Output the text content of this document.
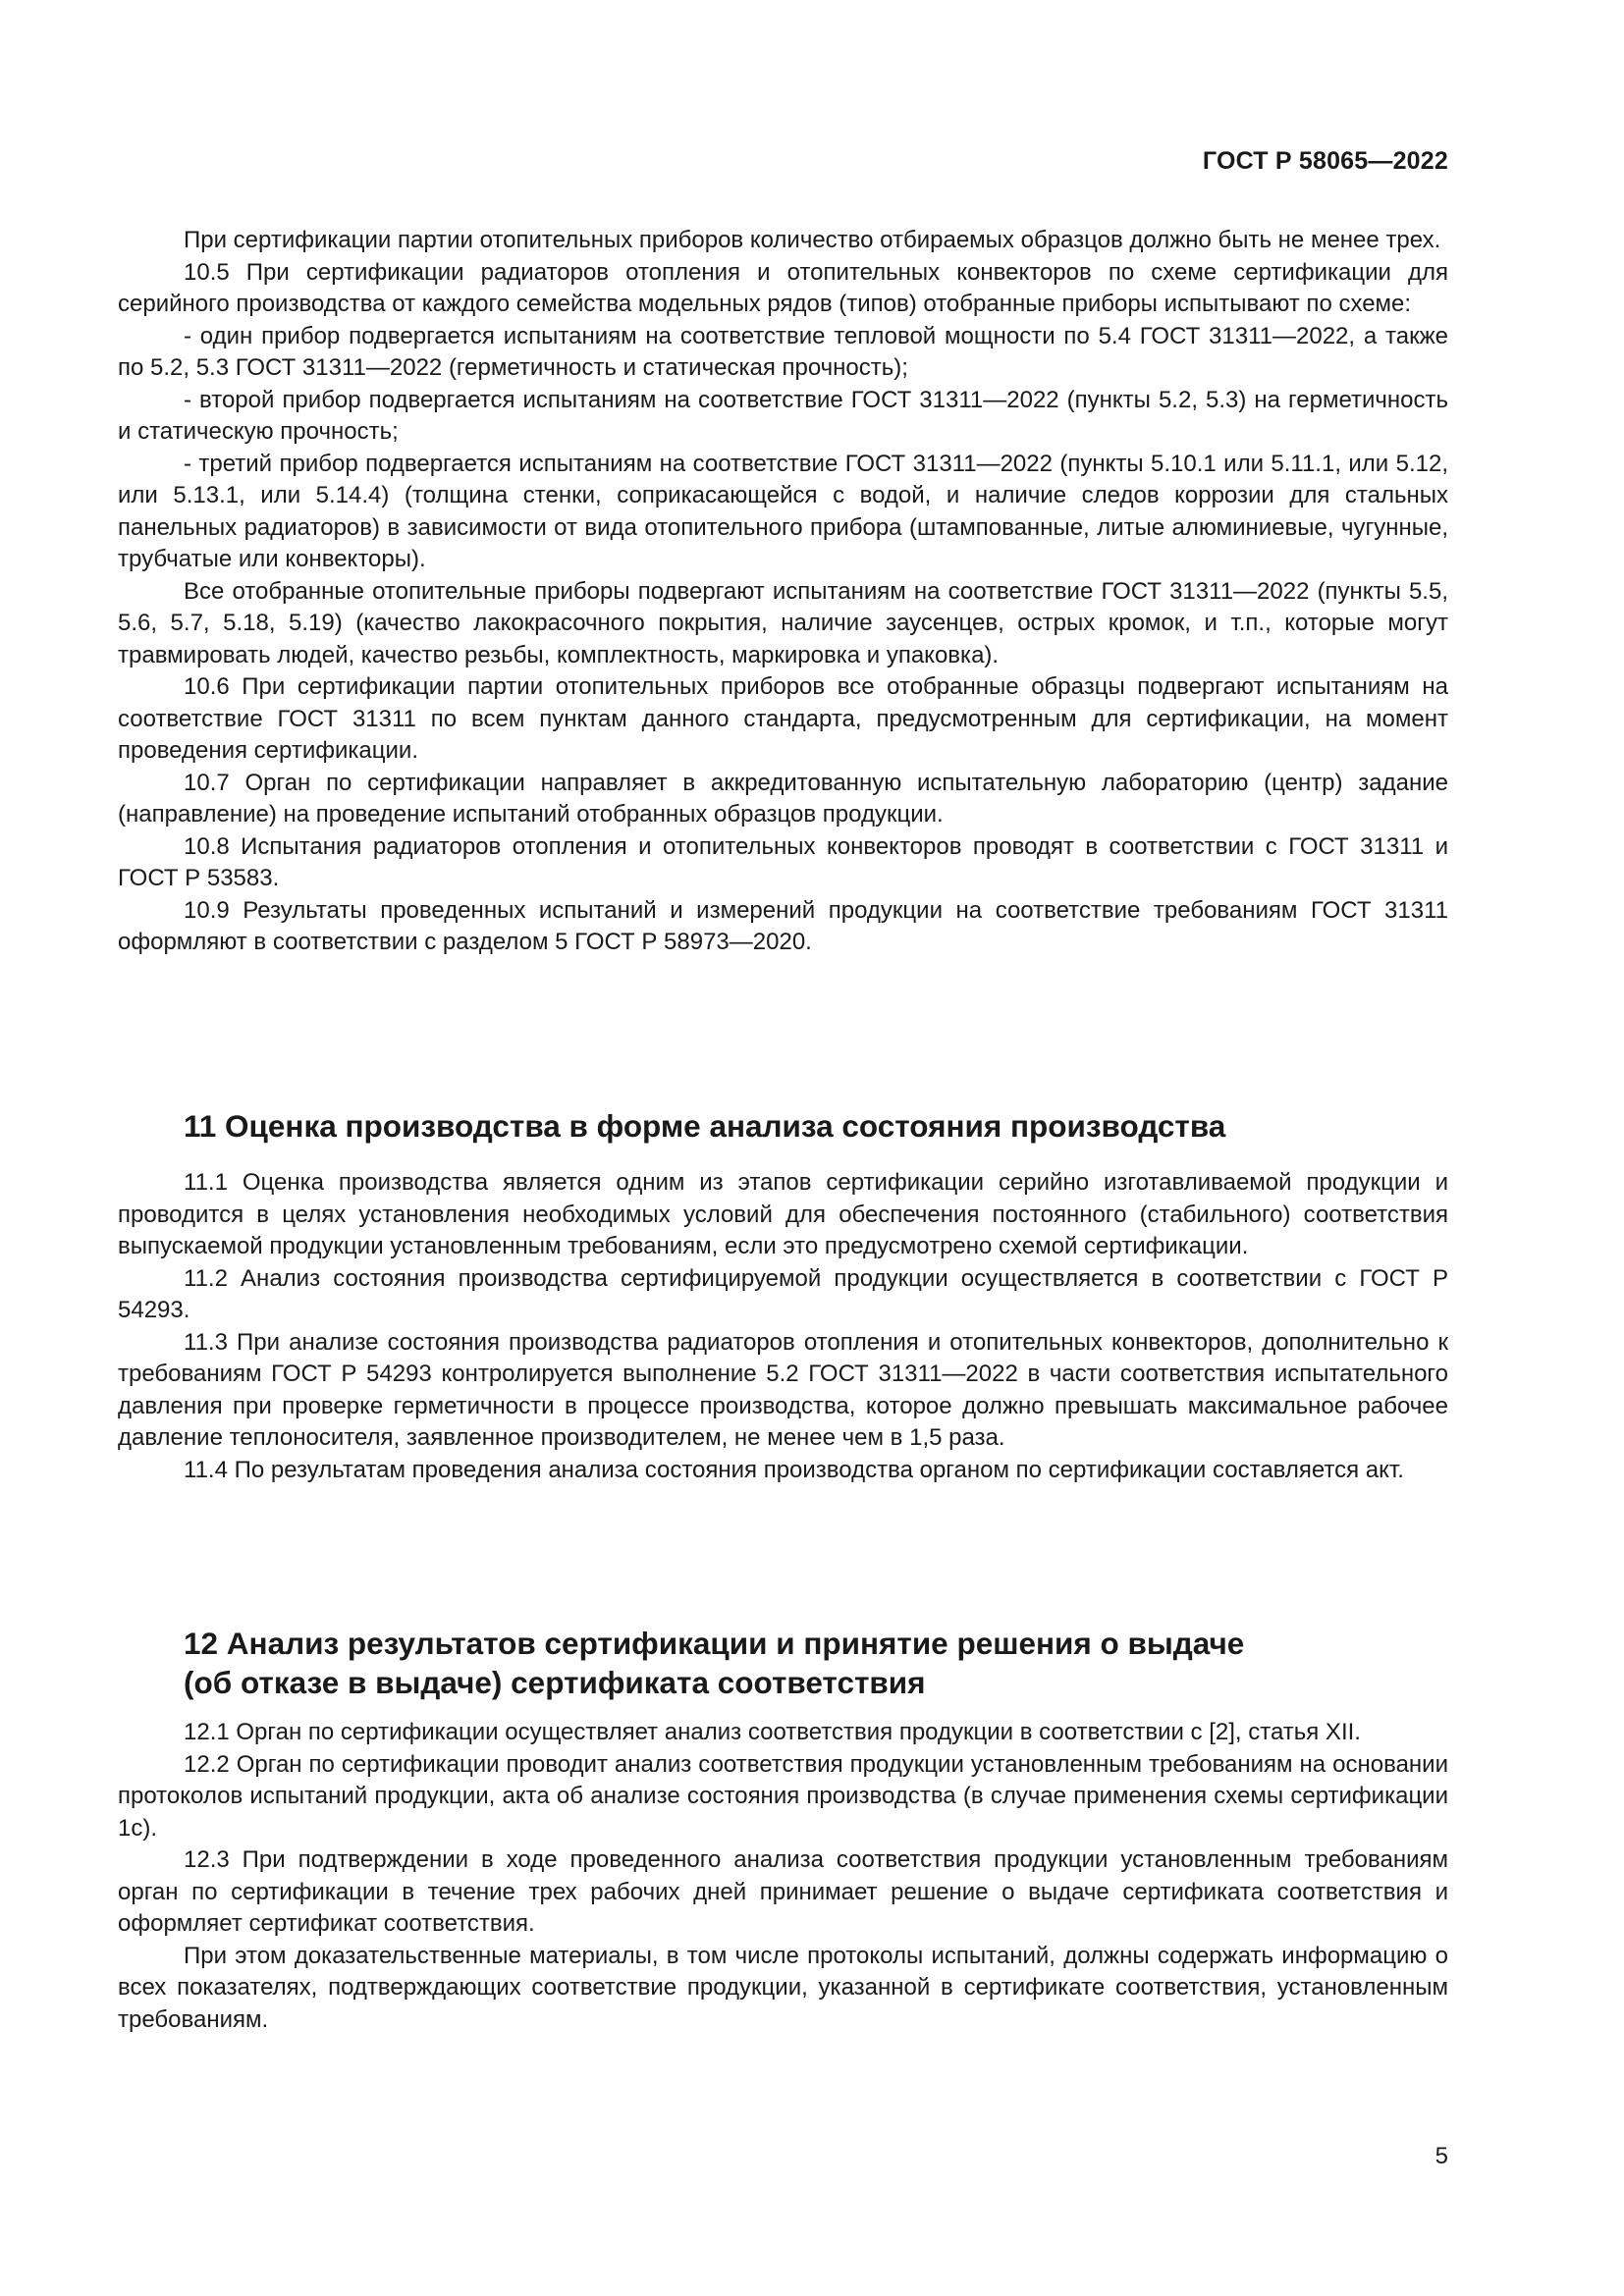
ГОСТ Р 58065—2022

При сертификации партии отопительных приборов количество отбираемых образцов должно быть не менее трех.

10.5 При сертификации радиаторов отопления и отопительных конвекторов по схеме сертификации для серийного производства от каждого семейства модельных рядов (типов) отобранные приборы испытывают по схеме:

- один прибор подвергается испытаниям на соответствие тепловой мощности по 5.4 ГОСТ 31311—2022, а также по 5.2, 5.3 ГОСТ 31311—2022 (герметичность и статическая прочность);

- второй прибор подвергается испытаниям на соответствие ГОСТ 31311—2022 (пункты 5.2, 5.3) на герметичность и статическую прочность;

- третий прибор подвергается испытаниям на соответствие ГОСТ 31311—2022 (пункты 5.10.1 или 5.11.1, или 5.12, или 5.13.1, или 5.14.4) (толщина стенки, соприкасающейся с водой, и наличие следов коррозии для стальных панельных радиаторов) в зависимости от вида отопительного прибора (штампованные, литые алюминиевые, чугунные, трубчатые или конвекторы).

Все отобранные отопительные приборы подвергают испытаниям на соответствие ГОСТ 31311—2022 (пункты 5.5, 5.6, 5.7, 5.18, 5.19) (качество лакокрасочного покрытия, наличие заусенцев, острых кромок, и т.п., которые могут травмировать людей, качество резьбы, комплектность, маркировка и упаковка).

10.6 При сертификации партии отопительных приборов все отобранные образцы подвергают испытаниям на соответствие ГОСТ 31311 по всем пунктам данного стандарта, предусмотренным для сертификации, на момент проведения сертификации.

10.7 Орган по сертификации направляет в аккредитованную испытательную лабораторию (центр) задание (направление) на проведение испытаний отобранных образцов продукции.

10.8 Испытания радиаторов отопления и отопительных конвекторов проводят в соответствии с ГОСТ 31311 и ГОСТ Р 53583.

10.9 Результаты проведенных испытаний и измерений продукции на соответствие требованиям ГОСТ 31311 оформляют в соответствии с разделом 5 ГОСТ Р 58973—2020.

11 Оценка производства в форме анализа состояния производства

11.1 Оценка производства является одним из этапов сертификации серийно изготавливаемой продукции и проводится в целях установления необходимых условий для обеспечения постоянного (стабильного) соответствия выпускаемой продукции установленным требованиям, если это предусмотрено схемой сертификации.

11.2 Анализ состояния производства сертифицируемой продукции осуществляется в соответствии с ГОСТ Р 54293.

11.3 При анализе состояния производства радиаторов отопления и отопительных конвекторов, дополнительно к требованиям ГОСТ Р 54293 контролируется выполнение 5.2 ГОСТ 31311—2022 в части соответствия испытательного давления при проверке герметичности в процессе производства, которое должно превышать максимальное рабочее давление теплоносителя, заявленное производителем, не менее чем в 1,5 раза.

11.4 По результатам проведения анализа состояния производства органом по сертификации составляется акт.

12 Анализ результатов сертификации и принятие решения о выдаче
(об отказе в выдаче) сертификата соответствия

12.1 Орган по сертификации осуществляет анализ соответствия продукции в соответствии с [2], статья XII.

12.2 Орган по сертификации проводит анализ соответствия продукции установленным требованиям на основании протоколов испытаний продукции, акта об анализе состояния производства (в случае применения схемы сертификации 1с).

12.3 При подтверждении в ходе проведенного анализа соответствия продукции установленным требованиям орган по сертификации в течение трех рабочих дней принимает решение о выдаче сертификата соответствия и оформляет сертификат соответствия.

При этом доказательственные материалы, в том числе протоколы испытаний, должны содержать информацию о всех показателях, подтверждающих соответствие продукции, указанной в сертификате соответствия, установленным требованиям.

5
